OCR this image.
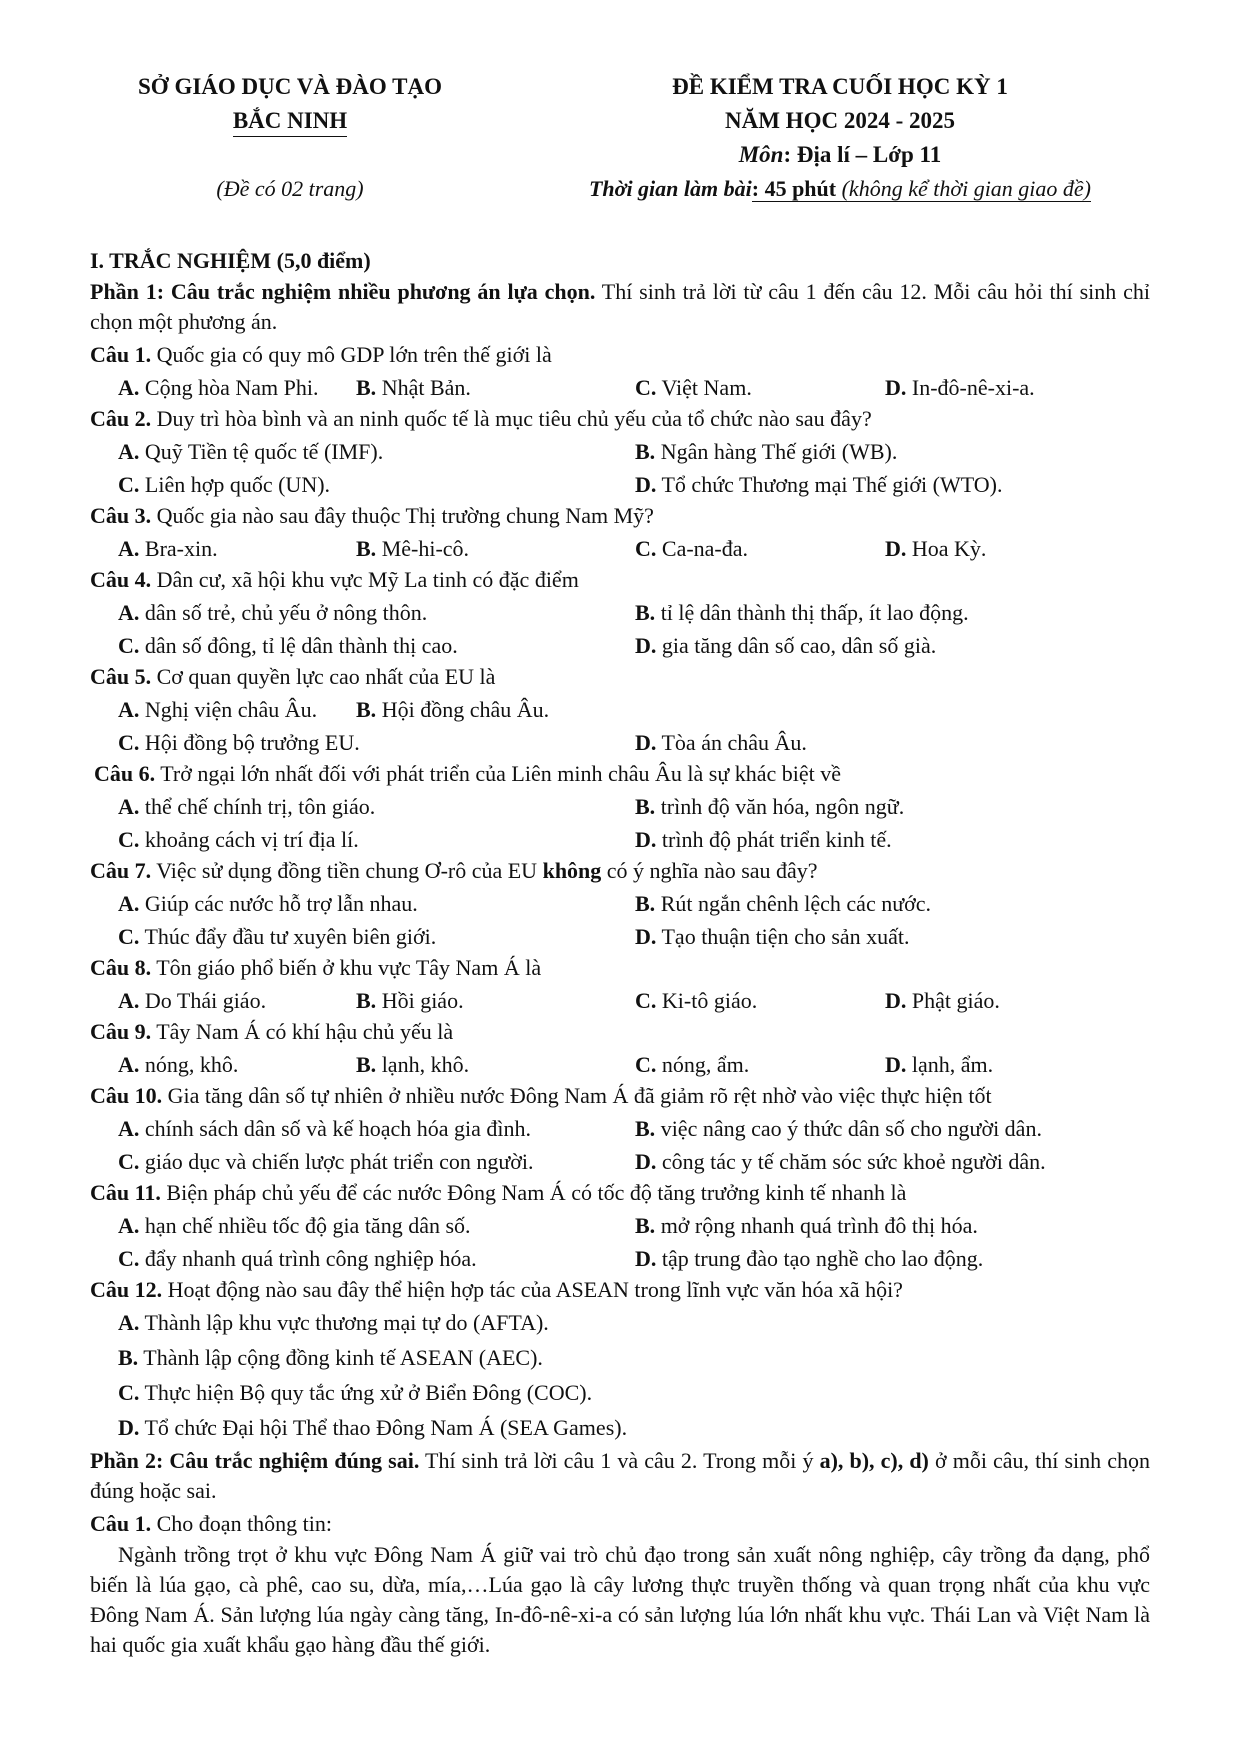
SỞ GIÁO DỤC VÀ ĐÀO TẠO
BẮC NINH
ĐỀ KIỂM TRA CUỐI HỌC KỲ 1
NĂM HỌC 2024 - 2025
Môn: Địa lí – Lớp 11
(Đề có 02 trang)	Thời gian làm bài: 45 phút (không kể thời gian giao đề)
I. TRẮC NGHIỆM (5,0 điểm)
Phần 1: Câu trắc nghiệm nhiều phương án lựa chọn. Thí sinh trả lời từ câu 1 đến câu 12. Mỗi câu hỏi thí sinh chỉ chọn một phương án.
Câu 1. Quốc gia có quy mô GDP lớn trên thế giới là
A. Cộng hòa Nam Phi. B. Nhật Bản.	C. Việt Nam.	D. In-đô-nê-xi-a.
Câu 2. Duy trì hòa bình và an ninh quốc tế là mục tiêu chủ yếu của tổ chức nào sau đây?
A. Quỹ Tiền tệ quốc tế (IMF).	B. Ngân hàng Thế giới (WB).
C. Liên hợp quốc (UN).	D. Tổ chức Thương mại Thế giới (WTO).
Câu 3. Quốc gia nào sau đây thuộc Thị trường chung Nam Mỹ?
A. Bra-xin.	B. Mê-hi-cô.	C. Ca-na-đa.	D. Hoa Kỳ.
Câu 4. Dân cư, xã hội khu vực Mỹ La tinh có đặc điểm
A. dân số trẻ, chủ yếu ở nông thôn.	B. tỉ lệ dân thành thị thấp, ít lao động.
C. dân số đông, tỉ lệ dân thành thị cao.	D. gia tăng dân số cao, dân số già.
Câu 5. Cơ quan quyền lực cao nhất của EU là
A. Nghị viện châu Âu. B. Hội đồng châu Âu.
C. Hội đồng bộ trưởng EU.	D. Tòa án châu Âu.
Câu 6. Trở ngại lớn nhất đối với phát triển của Liên minh châu Âu là sự khác biệt về
A. thể chế chính trị, tôn giáo.	B. trình độ văn hóa, ngôn ngữ.
C. khoảng cách vị trí địa lí.	D. trình độ phát triển kinh tế.
Câu 7. Việc sử dụng đồng tiền chung Ơ-rô của EU không có ý nghĩa nào sau đây?
A. Giúp các nước hỗ trợ lẫn nhau.	B. Rút ngắn chênh lệch các nước.
C. Thúc đẩy đầu tư xuyên biên giới.	D. Tạo thuận tiện cho sản xuất.
Câu 8. Tôn giáo phổ biến ở khu vực Tây Nam Á là
A. Do Thái giáo.	B. Hồi giáo.	C. Ki-tô giáo.	D. Phật giáo.
Câu 9. Tây Nam Á có khí hậu chủ yếu là
A. nóng, khô.	B. lạnh, khô.	C. nóng, ẩm.	D. lạnh, ẩm.
Câu 10. Gia tăng dân số tự nhiên ở nhiều nước Đông Nam Á đã giảm rõ rệt nhờ vào việc thực hiện tốt
A. chính sách dân số và kế hoạch hóa gia đình.	B. việc nâng cao ý thức dân số cho người dân.
C. giáo dục và chiến lược phát triển con người.	D. công tác y tế chăm sóc sức khoẻ người dân.
Câu 11. Biện pháp chủ yếu để các nước Đông Nam Á có tốc độ tăng trưởng kinh tế nhanh là
A. hạn chế nhiều tốc độ gia tăng dân số.	B. mở rộng nhanh quá trình đô thị hóa.
C. đẩy nhanh quá trình công nghiệp hóa.	D. tập trung đào tạo nghề cho lao động.
Câu 12. Hoạt động nào sau đây thể hiện hợp tác của ASEAN trong lĩnh vực văn hóa xã hội?
A. Thành lập khu vực thương mại tự do (AFTA).
B. Thành lập cộng đồng kinh tế ASEAN (AEC).
C. Thực hiện Bộ quy tắc ứng xử ở Biển Đông (COC).
D. Tổ chức Đại hội Thể thao Đông Nam Á (SEA Games).
Phần 2: Câu trắc nghiệm đúng sai. Thí sinh trả lời câu 1 và câu 2. Trong mỗi ý a), b), c), d) ở mỗi câu, thí sinh chọn đúng hoặc sai.
Câu 1. Cho đoạn thông tin:
Ngành trồng trọt ở khu vực Đông Nam Á giữ vai trò chủ đạo trong sản xuất nông nghiệp, cây trồng đa dạng, phổ biến là lúa gạo, cà phê, cao su, dừa, mía,…Lúa gạo là cây lương thực truyền thống và quan trọng nhất của khu vực Đông Nam Á. Sản lượng lúa ngày càng tăng, In-đô-nê-xi-a có sản lượng lúa lớn nhất khu vực. Thái Lan và Việt Nam là hai quốc gia xuất khẩu gạo hàng đầu thế giới.
